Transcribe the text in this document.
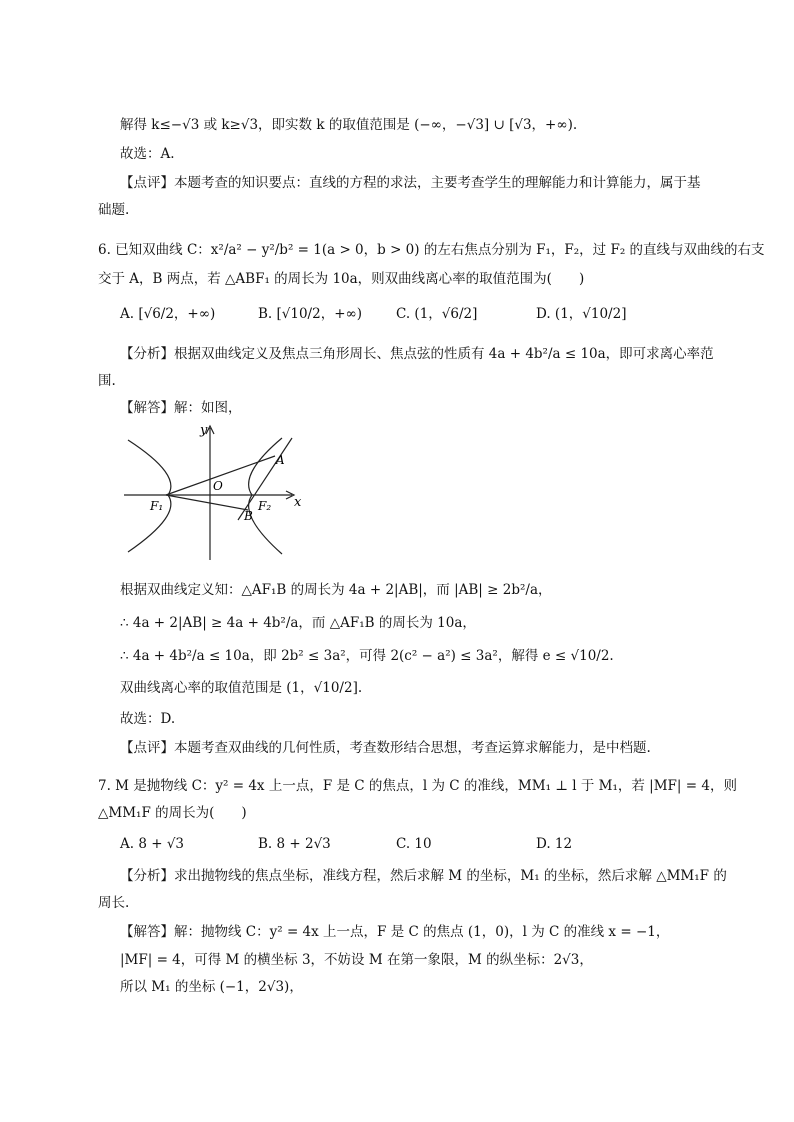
解得 k≤−√3 或 k≥√3，即实数 k 的取值范围是 (−∞，−√3] ∪ [√3，+∞).
故选：A.
【点评】本题考查的知识要点：直线的方程的求法，主要考查学生的理解能力和计算能力，属于基
础题.
6. 已知双曲线 C：x²/a² − y²/b² = 1(a > 0，b > 0) 的左右焦点分别为 F₁，F₂，过 F₂ 的直线与双曲线的右支
交于 A，B 两点，若 △ABF₁ 的周长为 10a，则双曲线离心率的取值范围为(　　)
A. [√6/2，+∞)	B. [√10/2，+∞)	C. (1，√6/2]	D. (1，√10/2]
【分析】根据双曲线定义及焦点三角形周长、焦点弦的性质有 4a + 4b²/a ≤ 10a，即可求离心率范
围.
【解答】解：如图，
y
x
O
A
B
F₁	F₂
根据双曲线定义知：△AF₁B 的周长为 4a + 2|AB|，而 |AB| ≥ 2b²/a，
∴ 4a + 2|AB| ≥ 4a + 4b²/a，而 △AF₁B 的周长为 10a，
∴ 4a + 4b²/a ≤ 10a，即 2b² ≤ 3a²，可得 2(c² − a²) ≤ 3a²，解得 e ≤ √10/2.
双曲线离心率的取值范围是 (1，√10/2].
故选：D.
【点评】本题考查双曲线的几何性质，考查数形结合思想，考查运算求解能力，是中档题.
7. M 是抛物线 C：y² = 4x 上一点，F 是 C 的焦点，l 为 C 的准线，MM₁ ⊥ l 于 M₁，若 |MF| = 4，则
△MM₁F 的周长为(　　)
A. 8 + √3	B. 8 + 2√3	C. 10	D. 12
【分析】求出抛物线的焦点坐标，准线方程，然后求解 M 的坐标，M₁ 的坐标，然后求解 △MM₁F 的
周长.
【解答】解：抛物线 C：y² = 4x 上一点，F 是 C 的焦点 (1，0)，l 为 C 的准线 x = −1，
|MF| = 4，可得 M 的横坐标 3，不妨设 M 在第一象限，M 的纵坐标：2√3，
所以 M₁ 的坐标 (−1，2√3)，
